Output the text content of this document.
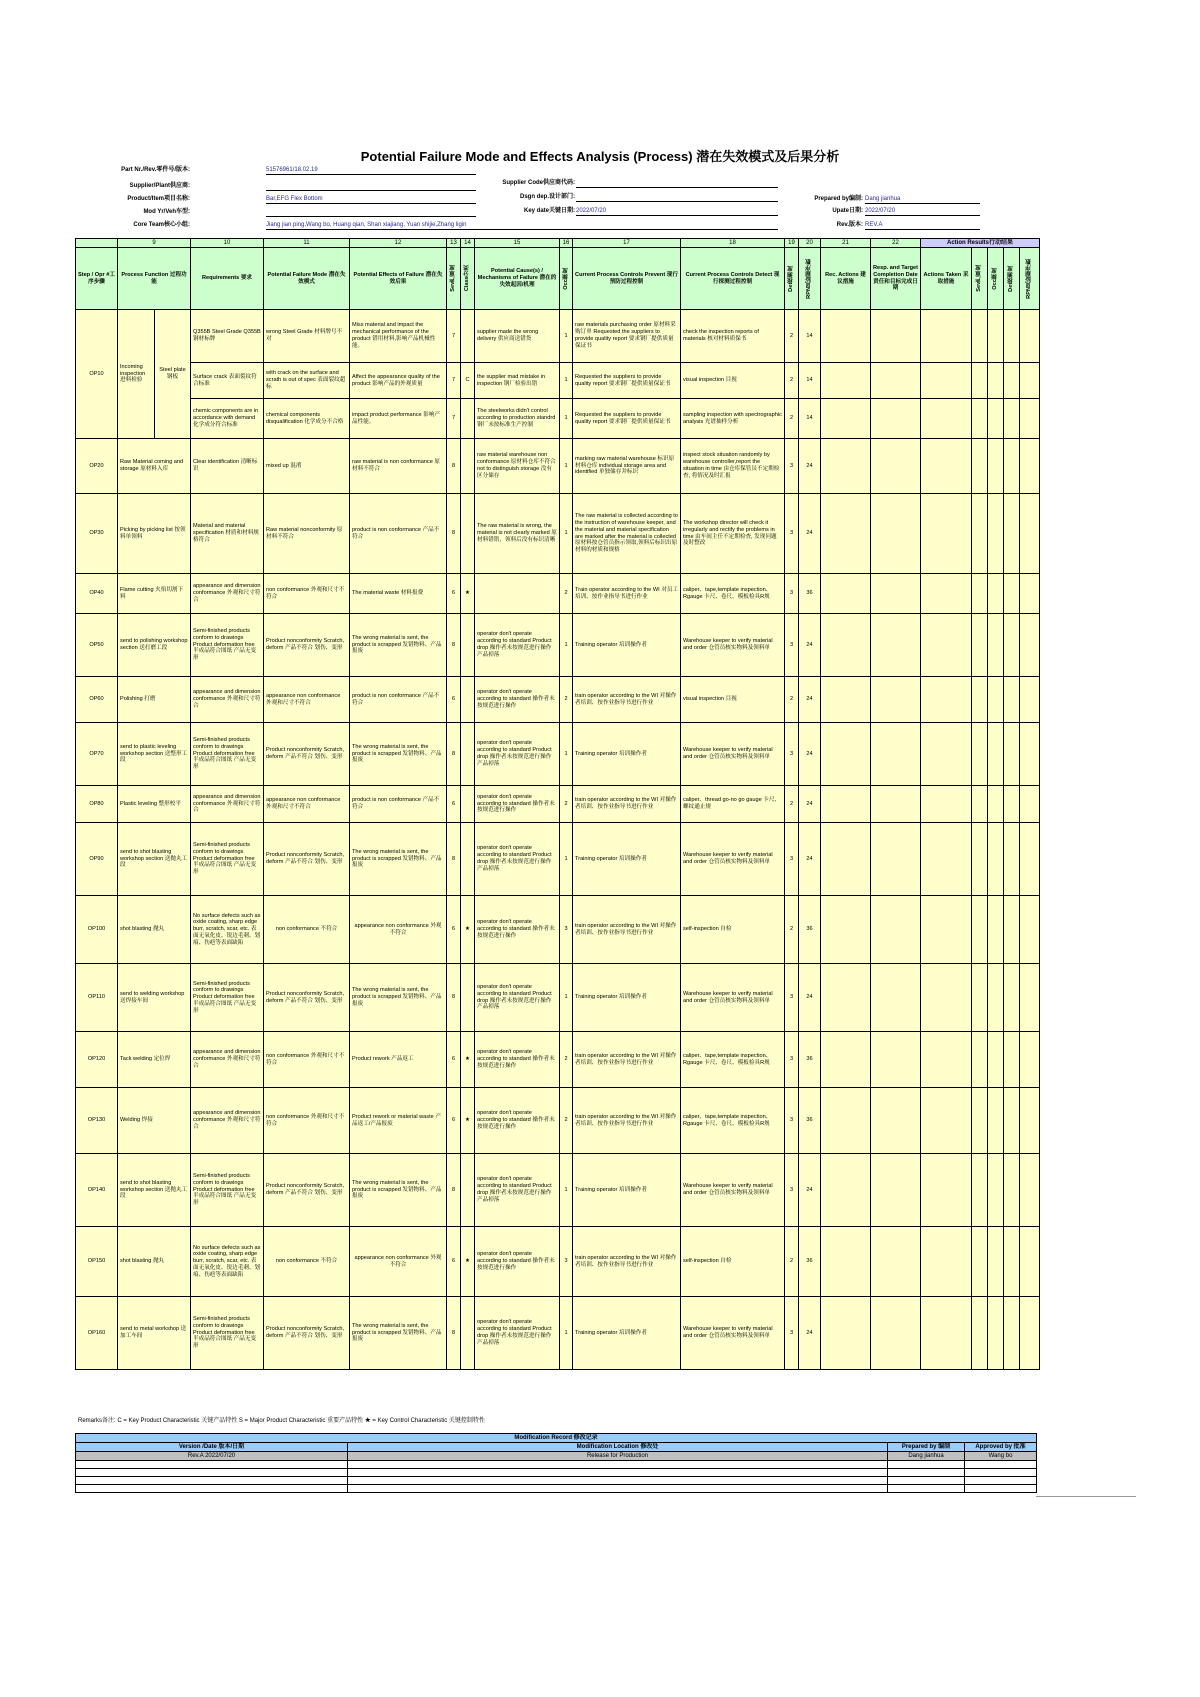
Potential Failure Mode and Effects Analysis (Process) 潜在失效模式及后果分析
Part Nr./Rev.零件号/版本:	51576961/18.02.19
Supplier Code供应商代码:
Supplier/Plant供应商:
Product/Item项目名称:	Bar,EFG Flex Bottom	Dsgn dep.设计部门:	Prepared by编制: Dang jianhua
Mod Yr/Veh车型:	Key date关键日期: 2022/07/20	Upate日期: 2022/07/20
Core Team核心小组:	Jiang jian ping,Wang bo, Huang qian, Shan xiajiang, Yuan shijie,Zhang ligin	Rev.版本: REV.A
	9		10	11	12	13	14	15	16	17	18	19	20	21	22	Action Results行动结果				
Step / Opr #工序步骤	Process Function 过程功能		Requirements 要求	Potential Failure Mode 潜在失效模式	Potential Effects of Failure 潜在失效后果	Sev严重度	Class分类	Potential Cause(s) / Mechanisms of Failure 潜在的失效起因/机理	Occ频度	Current Process Controls Prevent 现行预防过程控制	Current Process Controls Detect 现行探测过程控制	Det探测度	RPN风险顺序数	Rec. Actions 建议措施	Resp. and Target Completion Date 责任和目标完成日期	Actions Taken 采取措施	Sev严重度	Occ频度	Det探测度	RPN风险顺序数

OP10	Incoming inspection 进料检验	Steel plate 钢板	Q355B Steel Grade Q355B 钢材标牌	wrong Steel Grade 材料牌号不对	Miss material and impact the mechanical performance of the product 错用材料,影响产品机械性能。	7		supplier made the wrong delivery 供应商送错货	1	raw materials purchasing order 原材料采购订单 Requested the suppliers to provide quality report 要求钢厂提供质量保证书	check the inspection reports of materials 核对材料质保书	2	14							
			Surface crack 表面裂纹符合标准	with crack on the surface and scrath is out of spec 表面裂纹超标	Affect the appearance quality of the product 影响产品的外观质量	7	C	the supplier mad mistake in inspection 钢厂检验出错	1	Requested the suppliers to provide quality report 要求钢厂提供质量保证书	visual inspection 目视	2	14							
			chemic components are in accordance with demand 化学成分符合标准	chemical components disqualification 化学成分不合格	impact product performance 影响产品性能。	7		The steelworks didn't control according to production standrd 钢厂未按标准生产控制	1	Requested the suppliers to provide quality report 要求钢厂提供质量保证书	sampling inspection with spectrographic analysis 光谱抽样分析	2	14							
OP20	Raw Material coming and storage 原材料入库		Clear identification 清晰标识	mixed up 混淆	raw material is non conformance 原材料不符合	8		raw material warehouse non conformance 原材料仓库不符合 not to distinguish storage 没有区分储存	1	marking raw material warehouse 标识原材料仓库 individual storage area and identified 单独储存并标识	inspect stock situation randomly by warehouse controller,report the situation in time 由仓库保管员不定期检查, 将情况及时汇报	3	24							
OP30	Picking by picking list 按领料单领料		Material and material specification 材质和材料规格符合	Raw material nonconformity 原材料不符合	product is non conformance 产品不符合	8		The raw material is wrong, the material is not clearly marked 原材料错错，领料后没有标识清晰	1	The raw material is collected according to the instruction of warehouse keeper, and the material and material specification are marked after the material is collected 原材料按仓管员指示领取,领料后标识出原材料的材质和规格	The workshop director will check it irregularly and rectify the problems in time 由车间主任不定期检查, 发现问题及时整改	3	24							
OP40	Flame cutting 火焰切割下料		appearance and dimension conformance 外观和尺寸符合	non conformance 外观和尺寸不符合	The material waste 材料报费	6	★		2	Train operator according to the WI 对员工培训、按作业指导书进行作业	caliper、tape,template inspection、Rgauge 卡尺、卷尺、模板检具R规	3	36							
OP50	send to polishing workshop section 送打磨工段		Semi-finished products conform to drawings Product deformation free 半成品符合图纸 产品无变形	Product nonconformity Scratch, deform 产品不符合 划伤、变形	The wrong material is sent, the product is scrapped 发错物料、产品报废	8		operator don't operate according to standard Product drop 操作者未按规范进行操作 产品掉落	1	Training operator 培训操作者	Warehouse keeper to verify material and order 仓管员核实物料及领料单	3	24							
OP60	Polishing 打磨		appearance and dimension conformance 外观和尺寸符合	appearance non conformance 外观和尺寸不符合	product is non conformance 产品不符合	6		operator don't operate according to standard 操作者未按规范进行操作	2	train operator according to the WI 对操作者培训、按作业指导书进行作业	visual inspection 目视	2	24							
OP70	send to plastic leveling workshop section 送整形工段		Semi-finished products conform to drawings Product deformation free 半成品符合图纸 产品无变形	Product nonconformity Scratch, deform 产品不符合 划伤、变形	The wrong material is sent, the product is scrapped 发错物料、产品报废	8		operator don't operate according to standard Product drop 操作者未按规范进行操作 产品掉落	1	Training operator 培训操作者	Warehouse keeper to verify material and order 仓管员核实物料及领料单	3	24							
OP80	Plastic leveling 整形校平		appearance and dimension conformance 外观和尺寸符合	appearance non conformance 外观和尺寸不符合	product is non conformance 产品不符合	6		operator don't operate according to standard 操作者未按规范进行操作	2	train operator according to the WI 对操作者培训、按作业指导书进行作业	caliper、thread go-no go gauge 卡尺、螺纹通止规	2	24							
OP90	send to shot blasting workshop section 送抛丸工段		Semi-finished products conform to drawings Product deformation free 半成品符合图纸 产品无变形	Product nonconformity Scratch, deform 产品不符合 划伤、变形	The wrong material is sent, the product is scrapped 发错物料、产品报废	8		operator don't operate according to standard Product drop 操作者未按规范进行操作 产品掉落	1	Training operator 培训操作者	Warehouse keeper to verify material and order 仓管员核实物料及领料单	3	24							
OP100	shot blasting 抛丸		No surface defects such as oxide coating, sharp edge burr, scratch, scar, etc. 表面无氧化皮、锐边毛刺、划痕、伤疤等表面缺陷	non conformance 不符合	appearance non conformance 外观不符合	6	★	operator don't operate according to standard 操作者未按规范进行操作	3	train operator according to the WI 对操作者培训、按作业指导书进行作业	self-inspection 自检	2	36							
OP110	send to welding workshop 送焊接车间		Semi-finished products conform to drawings Product deformation free 半成品符合图纸 产品无变形	Product nonconformity Scratch, deform 产品不符合 划伤、变形	The wrong material is sent, the product is scrapped 发错物料、产品报废	8		operator don't operate according to standard Product drop 操作者未按规范进行操作 产品掉落	1	Training operator 培训操作者	Warehouse keeper to verify material and order 仓管员核实物料及领料单	3	24							
OP120	Tack welding 定位焊		appearance and dimension conformance 外观和尺寸符合	non conformance 外观和尺寸不符合	Product rework 产品返工	6	★	operator don't operate according to standard 操作者未按规范进行操作	2	train operator according to the WI 对操作者培训、按作业指导书进行作业	caliper、tape,template inspection、Rgauge 卡尺、卷尺、模板检具R规	3	36							
OP130	Welding 焊接		appearance and dimension conformance 外观和尺寸符合	non conformance 外观和尺寸不符合	Product rework or material waste 产品返工/产品报废	6	★	operator don't operate according to standard 操作者未按规范进行操作	2	train operator according to the WI 对操作者培训、按作业指导书进行作业	caliper、tape,template inspection、Rgauge 卡尺、卷尺、模板检具R规	3	36							
OP140	send to shot blasting workshop section 送抛丸工段		Semi-finished products conform to drawings Product deformation free 半成品符合图纸 产品无变形	Product nonconformity Scratch, deform 产品不符合 划伤、变形	The wrong material is sent, the product is scrapped 发错物料、产品报废	8		operator don't operate according to standard Product drop 操作者未按规范进行操作 产品掉落	1	Training operator 培训操作者	Warehouse keeper to verify material and order 仓管员核实物料及领料单	3	24							
OP150	shot blasting 抛丸		No surface defects such as oxide coating, sharp edge burr, scratch, scar, etc. 表面无氧化皮、锐边毛刺、划痕、伤疤等表面缺陷	non conformance 不符合	appearance non conformance 外观不符合	6	★	operator don't operate according to standard 操作者未按规范进行操作	3	train operator according to the WI 对操作者培训、按作业指导书进行作业	self-inspection 自检	2	36							
OP160	send to metal workshop 送加工车间		Semi-finished products conform to drawings Product deformation free 半成品符合图纸 产品无变形	Product nonconformity Scratch, deform 产品不符合 划伤、变形	The wrong material is sent, the product is scrapped 发错物料、产品报废	8		operator don't operate according to standard Product drop 操作者未按规范进行操作 产品掉落	1	Training operator 培训操作者	Warehouse keeper to verify material and order 仓管员核实物料及领料单	3	24							
Remarks备注: C = Key Product Characteristic 关键产品特性 S = Major Product Characteristic 重要产品特性 ★ = Key Control Characteristic 关键控制特性
Modification Record 修改记录			
Version /Date 版本/日期	Modification Location 修改处	Prepared by 编制	Approved by 批准
Rev.A 2022/07/20	Release for Production	Dang jianhua	Wang bo
